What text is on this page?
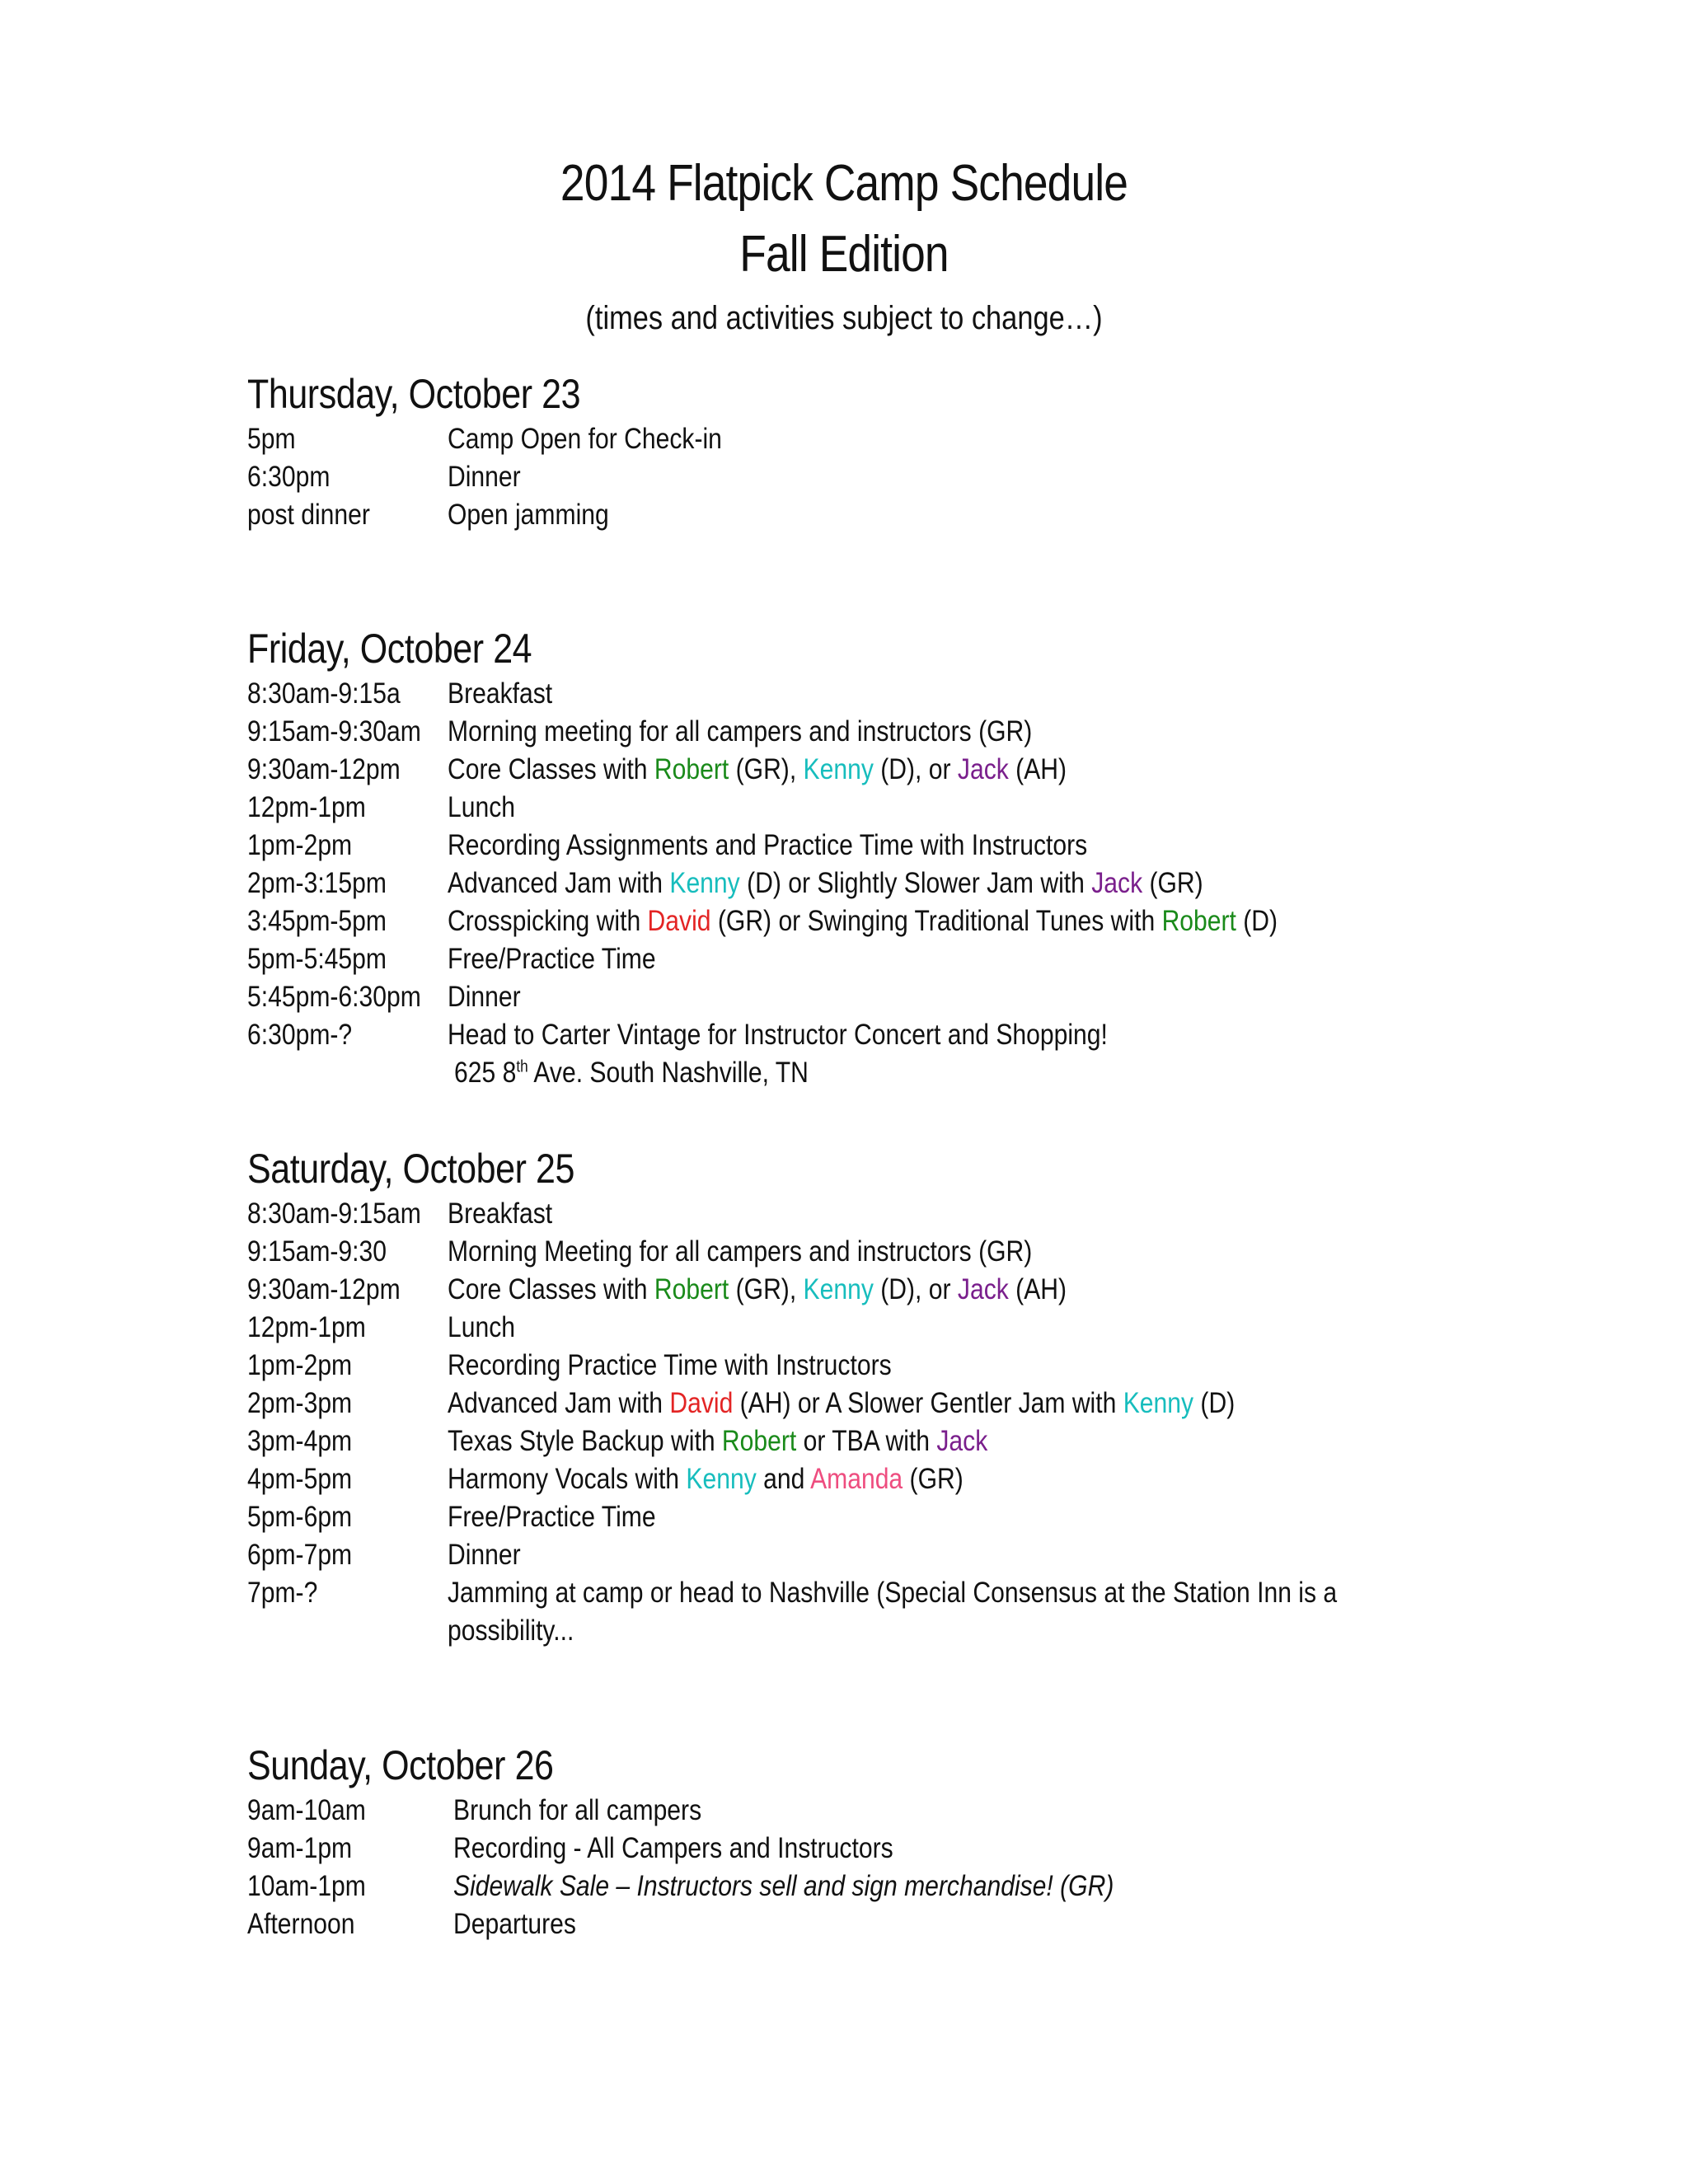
2014 Flatpick Camp Schedule
Fall Edition
(times and activities subject to change…)
Thursday, October 23
5pm	Camp Open for Check-in
6:30pm	Dinner
post dinner	Open jamming
Friday, October 24
8:30am-9:15a Breakfast
9:15am-9:30am Morning meeting for all campers and instructors (GR)
9:30am-12pm Core Classes with Robert (GR), Kenny (D), or Jack (AH)
12pm-1pm	Lunch
1pm-2pm	Recording Assignments and Practice Time with Instructors
2pm-3:15pm Advanced Jam with Kenny (D) or Slightly Slower Jam with Jack (GR)
3:45pm-5pm Crosspicking with David (GR) or Swinging Traditional Tunes with Robert (D)
5pm-5:45pm Free/Practice Time
5:45pm-6:30pm Dinner
6:30pm-?	Head to Carter Vintage for Instructor Concert and Shopping!
625 8th Ave. South Nashville, TN
Saturday, October 25
8:30am-9:15am Breakfast
9:15am-9:30 Morning Meeting for all campers and instructors (GR)
9:30am-12pm Core Classes with Robert (GR), Kenny (D), or Jack (AH)
12pm-1pm	Lunch
1pm-2pm	Recording Practice Time with Instructors
2pm-3pm	Advanced Jam with David (AH) or A Slower Gentler Jam with Kenny (D)
3pm-4pm	Texas Style Backup with Robert or TBA with Jack
4pm-5pm	Harmony Vocals with Kenny and Amanda (GR)
5pm-6pm	Free/Practice Time
6pm-7pm	Dinner
7pm-?	Jamming at camp or head to Nashville (Special Consensus at the Station Inn is a
possibility...
Sunday, October 26
9am-10am	Brunch for all campers
9am-1pm	Recording - All Campers and Instructors
10am-1pm	Sidewalk Sale – Instructors sell and sign merchandise! (GR)
Afternoon	Departures
